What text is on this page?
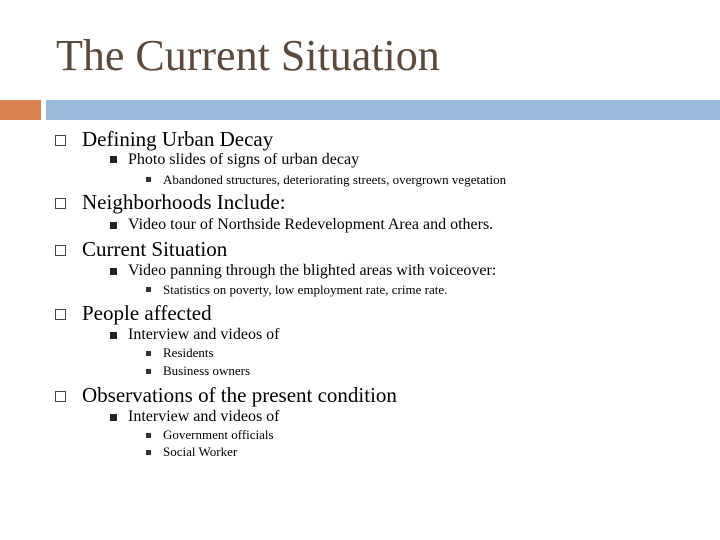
The Current Situation
Defining Urban Decay
Photo slides of signs of urban decay
Abandoned structures, deteriorating streets, overgrown vegetation
Neighborhoods Include:
Video tour of Northside Redevelopment Area and others.
Current Situation
Video panning through the blighted areas with voiceover:
Statistics on poverty, low employment rate, crime rate.
People affected
Interview and videos of
Residents
Business owners
Observations of the present condition
Interview and videos of
Government officials
Social Worker
